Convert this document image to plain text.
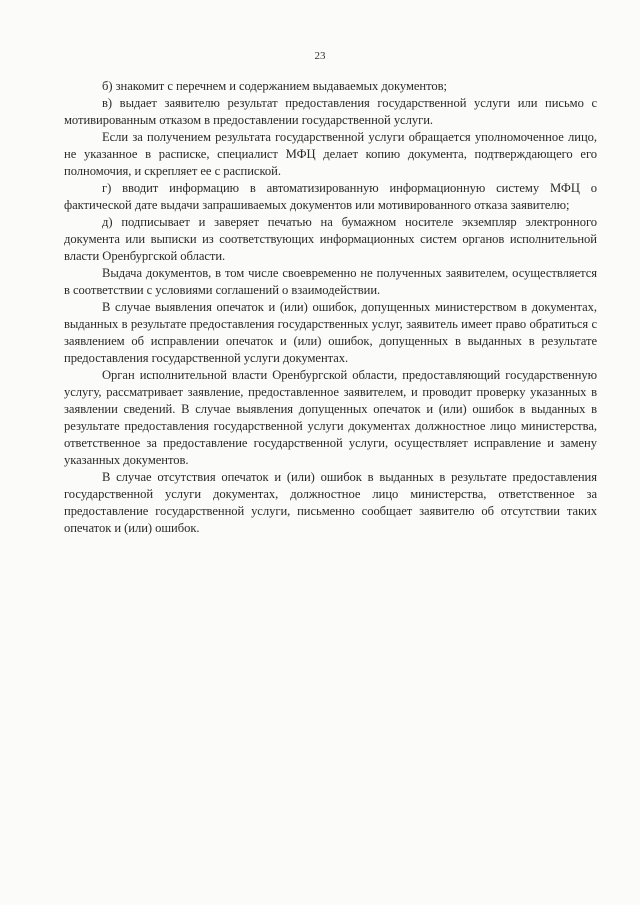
23

б) знакомит с перечнем и содержанием выдаваемых документов;

в) выдает заявителю результат предоставления государственной услуги или письмо с мотивированным отказом в предоставлении государственной услуги.

Если за получением результата государственной услуги обращается уполномоченное лицо, не указанное в расписке, специалист МФЦ делает копию документа, подтверждающего его полномочия, и скрепляет ее с распиской.

г) вводит информацию в автоматизированную информационную систему МФЦ о фактической дате выдачи запрашиваемых документов или мотивированного отказа заявителю;

д) подписывает и заверяет печатью на бумажном носителе экземпляр электронного документа или выписки из соответствующих информационных систем органов исполнительной власти Оренбургской области.

Выдача документов, в том числе своевременно не полученных заявителем, осуществляется в соответствии с условиями соглашений о взаимодействии.

В случае выявления опечаток и (или) ошибок, допущенных министерством в документах, выданных в результате предоставления государственных услуг, заявитель имеет право обратиться с заявлением об исправлении опечаток и (или) ошибок, допущенных в выданных в результате предоставления государственной услуги документах.

Орган исполнительной власти Оренбургской области, предоставляющий государственную услугу, рассматривает заявление, предоставленное заявителем, и проводит проверку указанных в заявлении сведений. В случае выявления допущенных опечаток и (или) ошибок в выданных в результате предоставления государственной услуги документах должностное лицо министерства, ответственное за предоставление государственной услуги, осуществляет исправление и замену указанных документов.

В случае отсутствия опечаток и (или) ошибок в выданных в результате предоставления государственной услуги документах, должностное лицо министерства, ответственное за предоставление государственной услуги, письменно сообщает заявителю об отсутствии таких опечаток и (или) ошибок.
